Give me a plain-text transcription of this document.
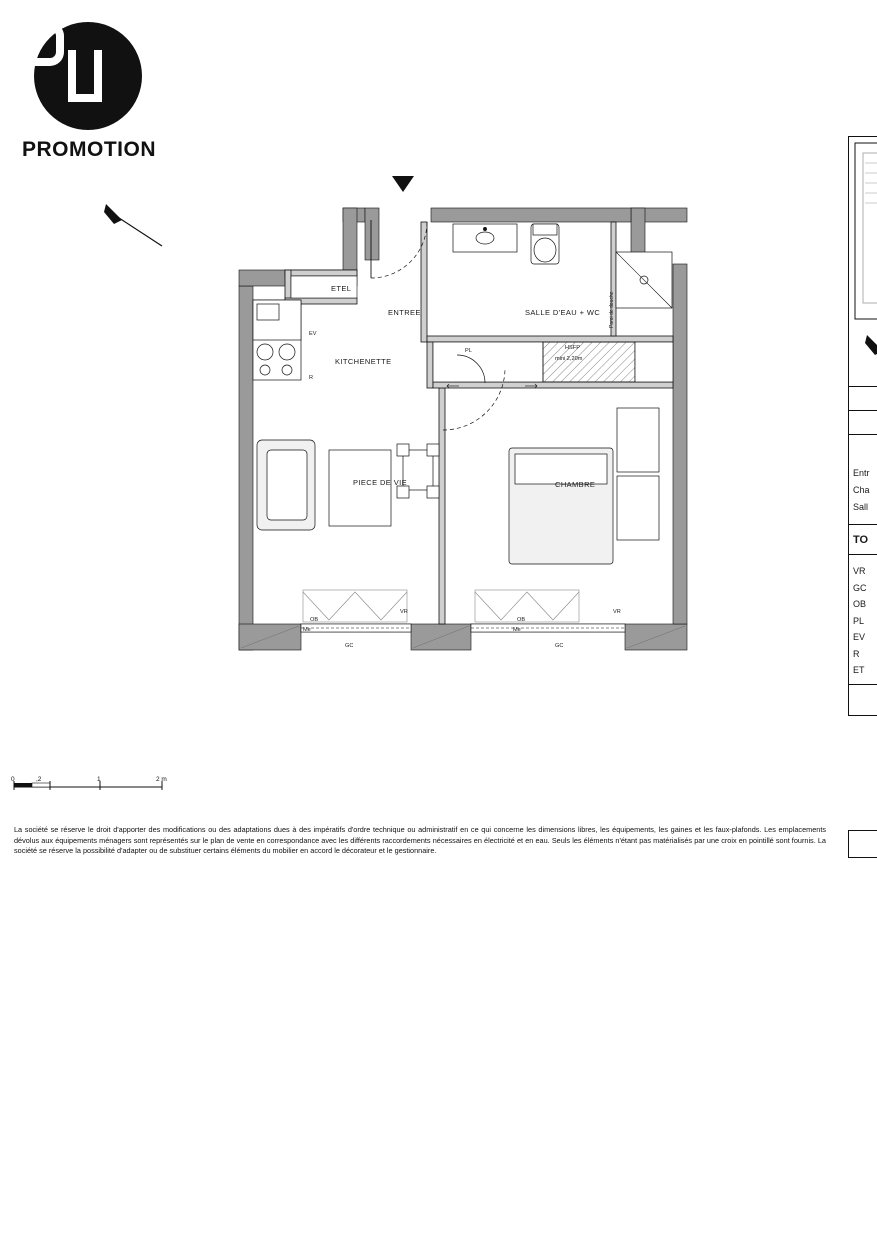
PROMOTION
ETEL
ENTREE
KITCHENETTE
SALLE D'EAU + WC
PIECE DE VIE	CHAMBRE
EV
R
PL	HSFP
mini 2,20m
Paroi de douche
VR	VR
OB	OB
Me	Me
GC	GC
0	,2	1	2 m

La société se réserve le droit d'apporter des modifications ou des adaptations dues à des impératifs d'ordre technique ou administratif en ce qui concerne les dimensions libres, les équipements, les gaines et les faux-plafonds. Les emplacements dévolus aux équipements ménagers sont représentés sur le plan de vente en correspondance avec les différents raccordements nécessaires en électricité et en eau. Seuls les éléments n'étant pas matérialisés par une croix en pointillé sont fournis. La société se réserve la possibilité d'adapter ou de substituer certains éléments du mobilier en accord le décorateur et le gestionnaire.

Entr
Cha
Sall
TO
VR
GC
OB
PL
EV
R
ET
